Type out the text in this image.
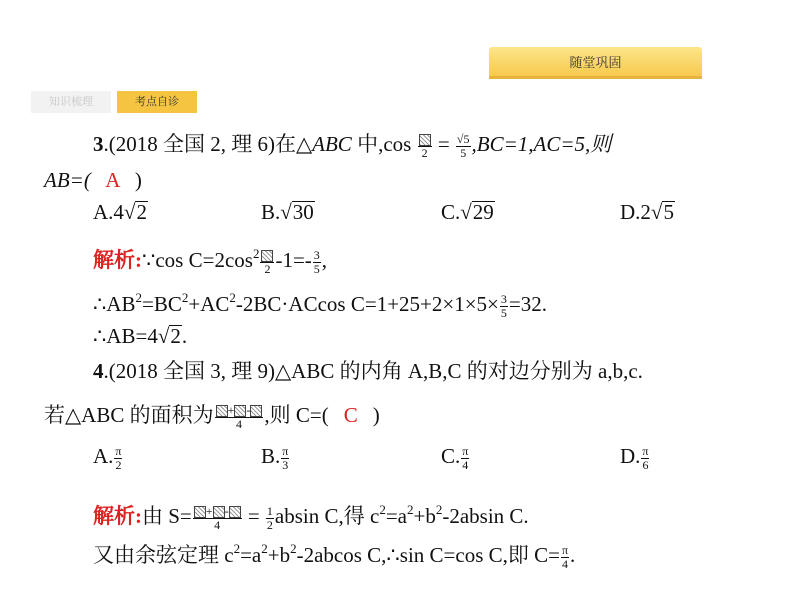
随堂巩固
知识梳理	考点自诊
3.(2018 全国 2, 理 6)在△ABC 中,cos $2 = \frac{√5}{5} ,BC=1,AC=5$,则
AB=( A )
A.4√2	B.√30	C.√29	D.2√5
解析:∵cos $C=2\cos^2$
2 $-1=- \frac{3}{5}$ ,
$\therefore AB^2=BC^2+AC^2-2BC\cdot ACcos$ $C=1+25+2\times 1\times 5\times \frac{3}{5} =32$.
∴AB=4√2.
4.(2018 全国 3, 理 9)△ABC 的内角 A,B,C 的对边分别为 a,b,c.
若△ABC 的面积为 $\frac{+ -}{4}$ ,则 C=( C )
A. $\frac{\pi}{2}$	B. $\frac{\pi}{3}$	C. $\frac{\pi}{4}$	D. $\frac{\pi}{6}$
解析:由 $S= \frac{+ -}{4} = \frac{1}{2}$ absin C,得 $c^2=a^2+b^2-2absin$ C.
又由余弦定理 $c^2=a^2+b^2-2abcos$ C,∴sin C=cos C,即 $C= \frac{\pi}{4}$ .
